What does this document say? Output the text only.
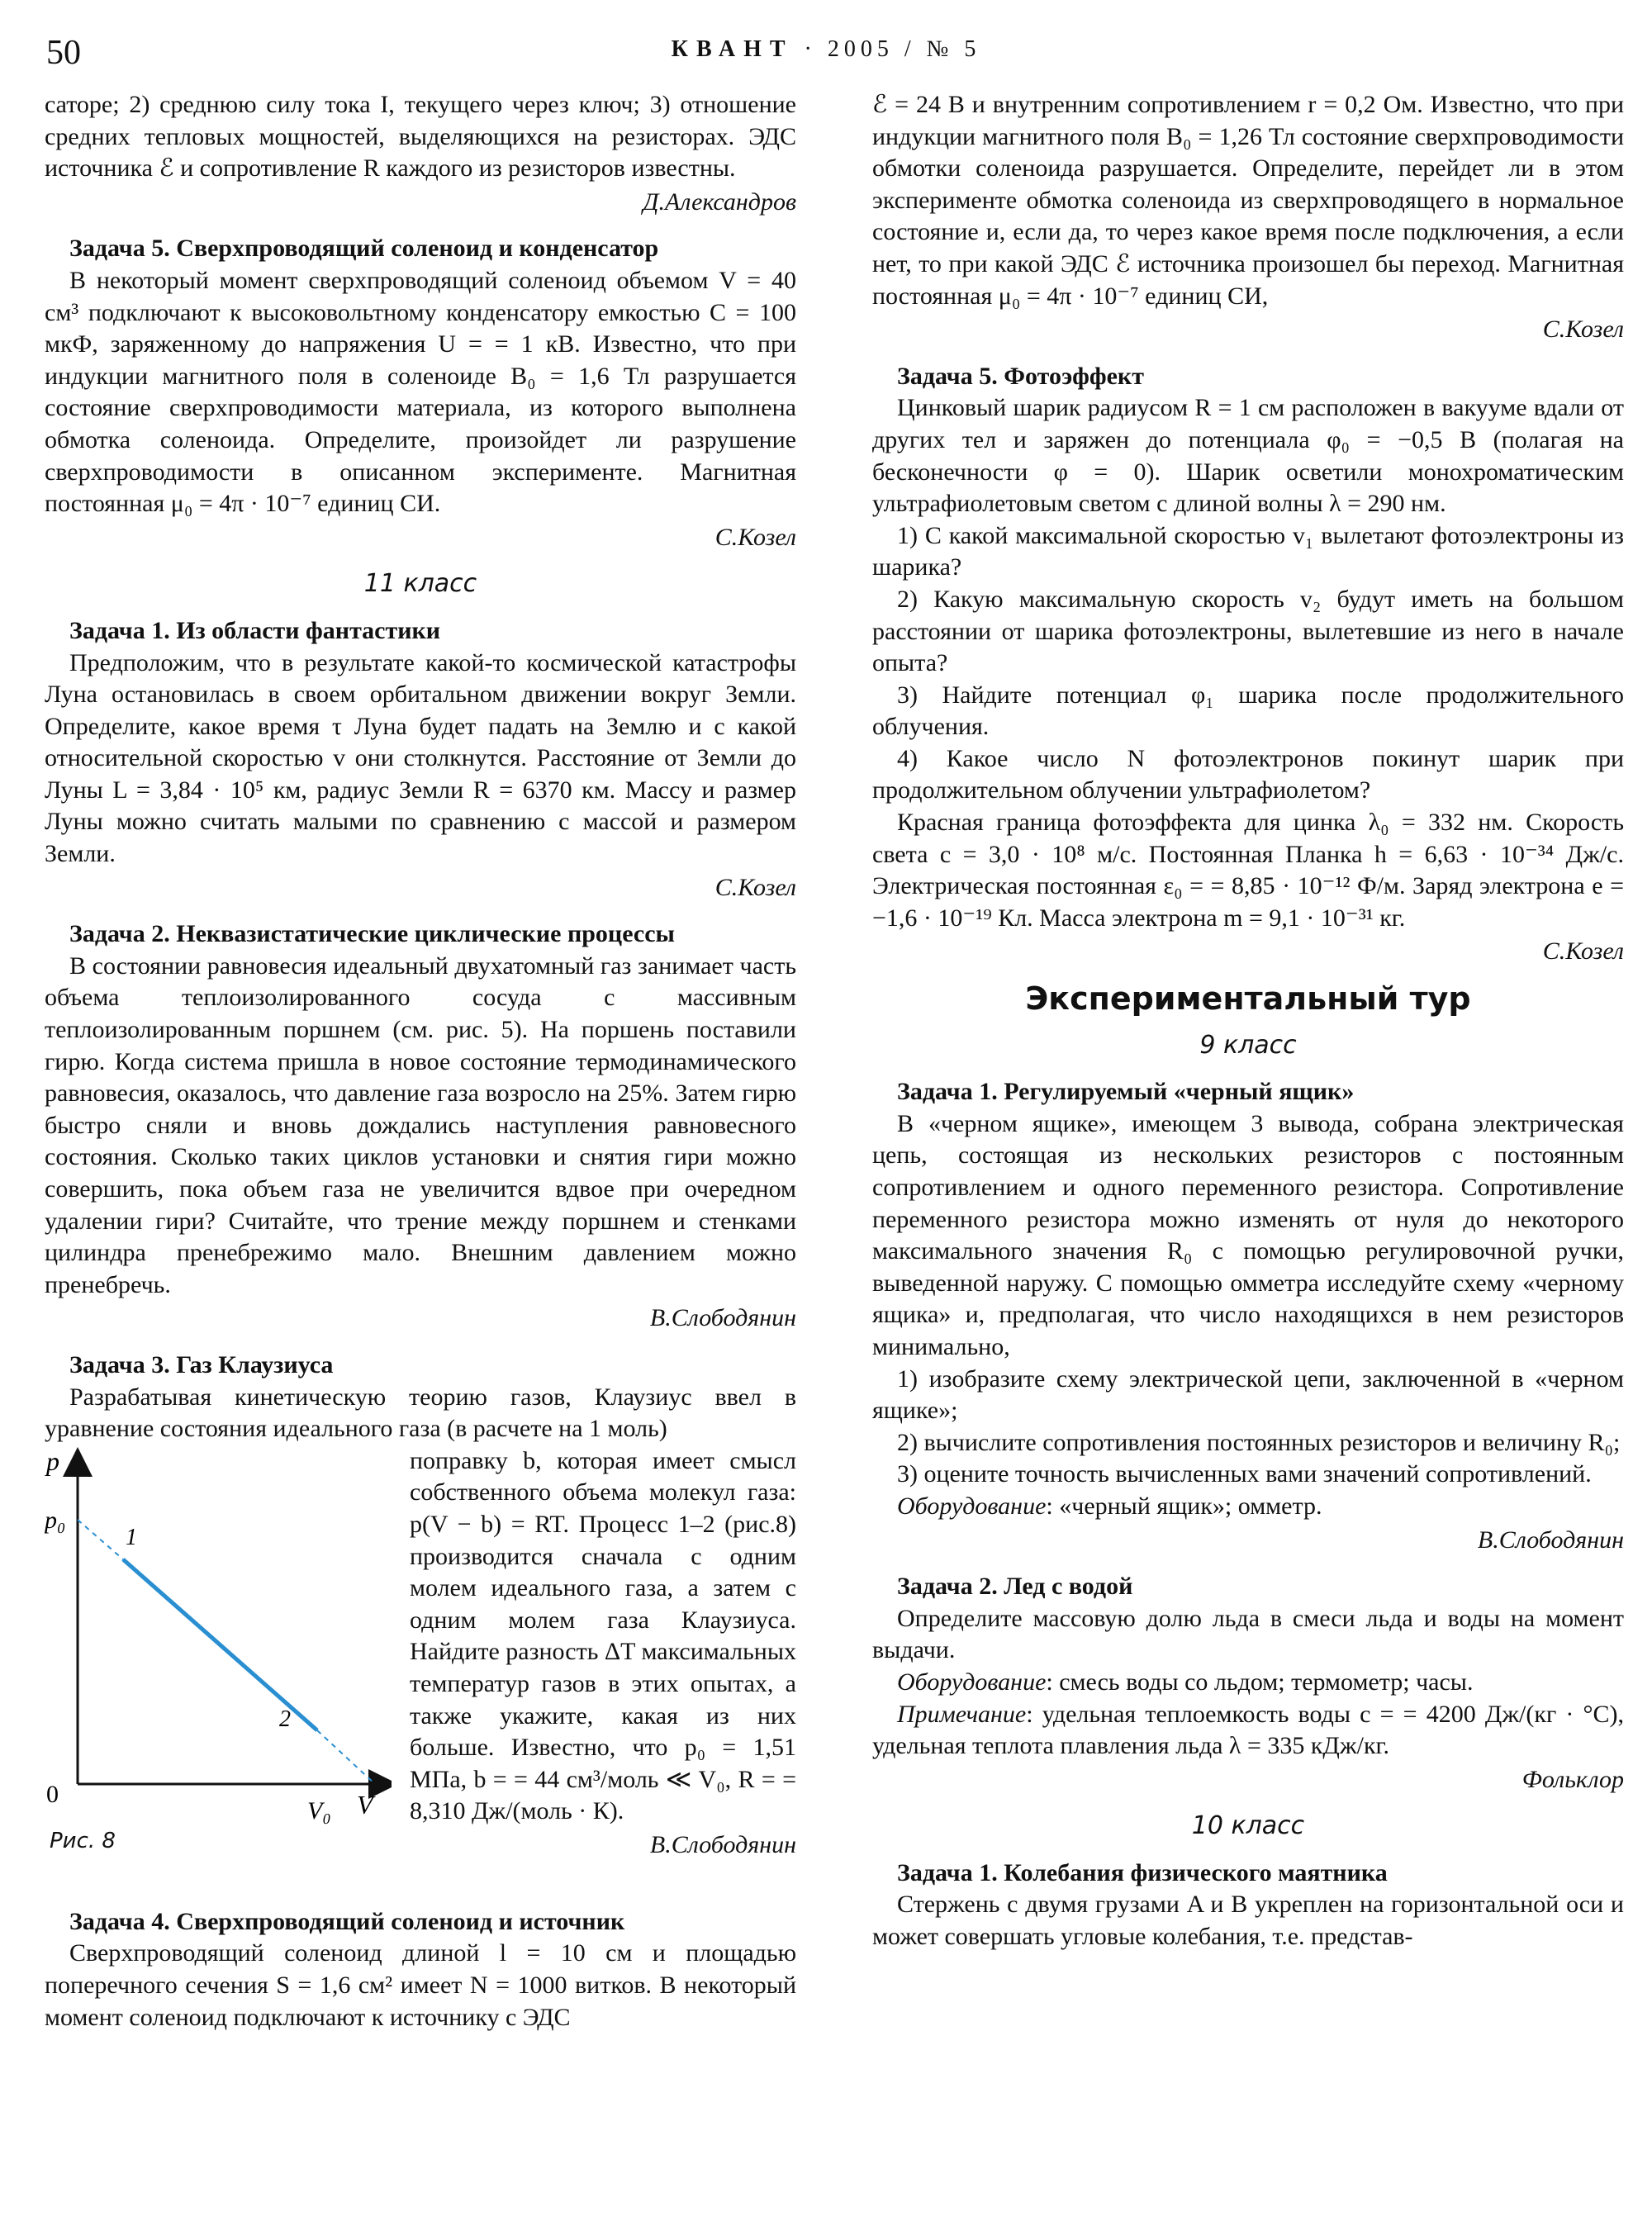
50	КВАНТ · 2005 / № 5

саторе; 2) среднюю силу тока I, текущего через ключ; 3) отношение средних тепловых мощностей, выделяющихся на резисторах. ЭДС источника ℰ и сопротивление R каждого из резисторов известны.

Д.Александров
Задача 5. Сверхпроводящий соленоид и конденсатор

В некоторый момент сверхпроводящий соленоид объемом V = 40 см³ подключают к высоковольтному конденсатору емкостью C = 100 мкФ, заряженному до напряжения U = = 1 кВ. Известно, что при индукции магнитного поля в соленоиде B₀ = 1,6 Тл разрушается состояние сверхпроводимости материала, из которого выполнена обмотка соленоида. Определите, произойдет ли разрушение сверхпроводимости в описанном эксперименте. Магнитная постоянная μ₀ = 4π · 10⁻⁷ единиц СИ.

С.Козел
11 класс
Задача 1. Из области фантастики

Предположим, что в результате какой-то космической катастрофы Луна остановилась в своем орбитальном движении вокруг Земли. Определите, какое время τ Луна будет падать на Землю и с какой относительной скоростью v они столкнутся. Расстояние от Земли до Луны L = 3,84 · 10⁵ км, радиус Земли R = 6370 км. Массу и размер Луны можно считать малыми по сравнению с массой и размером Земли.

С.Козел
Задача 2. Неквазистатические циклические процессы

В состоянии равновесия идеальный двухатомный газ занимает часть объема теплоизолированного сосуда с массивным теплоизолированным поршнем (см. рис. 5). На поршень поставили гирю. Когда система пришла в новое состояние термодинамического равновесия, оказалось, что давление газа возросло на 25%. Затем гирю быстро сняли и вновь дождались наступления равновесного состояния. Сколько таких циклов установки и снятия гири можно совершить, пока объем газа не увеличится вдвое при очередном удалении гири? Считайте, что трение между поршнем и стенками цилиндра пренебрежимо мало. Внешним давлением можно пренебречь.

В.Слободянин
Задача 3. Газ Клаузиуса

Разрабатывая кинетическую теорию газов, Клаузиус ввел в уравнение состояния идеального газа (в расчете на 1 моль)

p
p₀
1
2
0
V₀ V
Рис. 8

поправку b, которая имеет смысл собственного объема молекул газа: p(V − b) = RT. Процесс 1–2 (рис.8) производится сначала с одним молем идеального газа, а затем с одним молем газа Клаузиуса. Найдите разность ΔT максимальных температур газов в этих опытах, а также укажите, какая из них больше. Известно, что p₀ = 1,51 МПа, b = = 44 см³/моль ≪ V₀, R = = 8,310 Дж/(моль · К).

В.Слободянин
Задача 4. Сверхпроводящий соленоид и источник

Сверхпроводящий соленоид длиной l = 10 см и площадью поперечного сечения S = 1,6 см² имеет N = 1000 витков. В некоторый момент соленоид подключают к источнику с ЭДС

ℰ = 24 В и внутренним сопротивлением r = 0,2 Ом. Известно, что при индукции магнитного поля B₀ = 1,26 Тл состояние сверхпроводимости обмотки соленоида разрушается. Определите, перейдет ли в этом эксперименте обмотка соленоида из сверхпроводящего в нормальное состояние и, если да, то через какое время после подключения, а если нет, то при какой ЭДС ℰ источника произошел бы переход. Магнитная постоянная μ₀ = 4π · 10⁻⁷ единиц СИ,

С.Козел
Задача 5. Фотоэффект

Цинковый шарик радиусом R = 1 см расположен в вакууме вдали от других тел и заряжен до потенциала φ₀ = −0,5 В (полагая на бесконечности φ = 0). Шарик осветили монохроматическим ультрафиолетовым светом с длиной волны λ = 290 нм.

1) С какой максимальной скоростью v₁ вылетают фотоэлектроны из шарика?

2) Какую максимальную скорость v₂ будут иметь на большом расстоянии от шарика фотоэлектроны, вылетевшие из него в начале опыта?

3) Найдите потенциал φ₁ шарика после продолжительного облучения.

4) Какое число N фотоэлектронов покинут шарик при продолжительном облучении ультрафиолетом?

Красная граница фотоэффекта для цинка λ₀ = 332 нм. Скорость света c = 3,0 · 10⁸ м/с. Постоянная Планка h = 6,63 · 10⁻³⁴ Дж/с. Электрическая постоянная ε₀ = = 8,85 · 10⁻¹² Ф/м. Заряд электрона e = −1,6 · 10⁻¹⁹ Кл. Масса электрона m = 9,1 · 10⁻³¹ кг.

С.Козел
Экспериментальный тур
9 класс
Задача 1. Регулируемый «черный ящик»

В «черном ящике», имеющем 3 вывода, собрана электрическая цепь, состоящая из нескольких резисторов с постоянным сопротивлением и одного переменного резистора. Сопротивление переменного резистора можно изменять от нуля до некоторого максимального значения R₀ с помощью регулировочной ручки, выведенной наружу. С помощью омметра исследуйте схему «черному ящика» и, предполагая, что число находящихся в нем резисторов минимально,

1) изобразите схему электрической цепи, заключенной в «черном ящике»;

2) вычислите сопротивления постоянных резисторов и величину R₀;

3) оцените точность вычисленных вами значений сопротивлений.

Оборудование: «черный ящик»; омметр.

В.Слободянин
Задача 2. Лед с водой

Определите массовую долю льда в смеси льда и воды на момент выдачи.

Оборудование: смесь воды со льдом; термометр; часы.

Примечание: удельная теплоемкость воды c = = 4200 Дж/(кг · °С), удельная теплота плавления льда λ = 335 кДж/кг.

Фольклор
10 класс
Задача 1. Колебания физического маятника

Стержень с двумя грузами A и B укреплен на горизонтальной оси и может совершать угловые колебания, т.е. представ-
